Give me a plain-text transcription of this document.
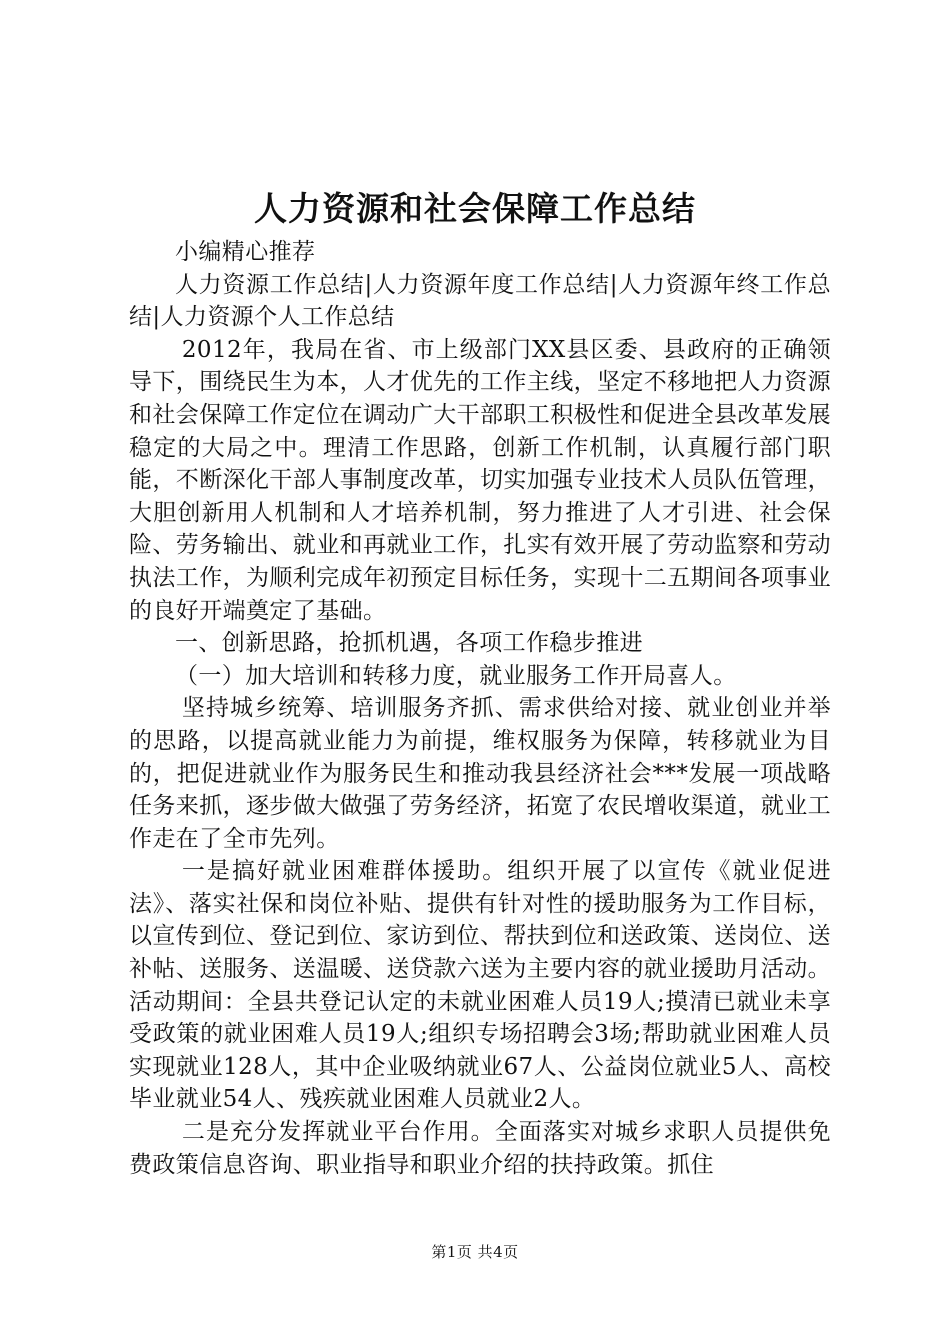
人力资源和社会保障工作总结

小编精心推荐

人力资源工作总结|人力资源年度工作总结|人力资源年终工作总结|人力资源个人工作总结

2012年，我局在省、市上级部门XX县区委、县政府的正确领导下，围绕民生为本，人才优先的工作主线，坚定不移地把人力资源和社会保障工作定位在调动广大干部职工积极性和促进全县改革发展稳定的大局之中。理清工作思路，创新工作机制，认真履行部门职能，不断深化干部人事制度改革，切实加强专业技术人员队伍管理，大胆创新用人机制和人才培养机制，努力推进了人才引进、社会保险、劳务输出、就业和再就业工作，扎实有效开展了劳动监察和劳动执法工作，为顺利完成年初预定目标任务，实现十二五期间各项事业的良好开端奠定了基础。

一、创新思路，抢抓机遇，各项工作稳步推进

（一）加大培训和转移力度，就业服务工作开局喜人。

坚持城乡统筹、培训服务齐抓、需求供给对接、就业创业并举的思路，以提高就业能力为前提，维权服务为保障，转移就业为目的，把促进就业作为服务民生和推动我县经济社会***发展一项战略任务来抓，逐步做大做强了劳务经济，拓宽了农民增收渠道，就业工作走在了全市先列。

一是搞好就业困难群体援助。组织开展了以宣传《就业促进法》、落实社保和岗位补贴、提供有针对性的援助服务为工作目标，以宣传到位、登记到位、家访到位、帮扶到位和送政策、送岗位、送补帖、送服务、送温暖、送贷款六送为主要内容的就业援助月活动。活动期间：全县共登记认定的未就业困难人员19人;摸清已就业未享受政策的就业困难人员19人;组织专场招聘会3场;帮助就业困难人员实现就业128人，其中企业吸纳就业67人、公益岗位就业5人、高校毕业就业54人、残疾就业困难人员就业2人。

二是充分发挥就业平台作用。全面落实对城乡求职人员提供免费政策信息咨询、职业指导和职业介绍的扶持政策。抓住

第1页 共4页
